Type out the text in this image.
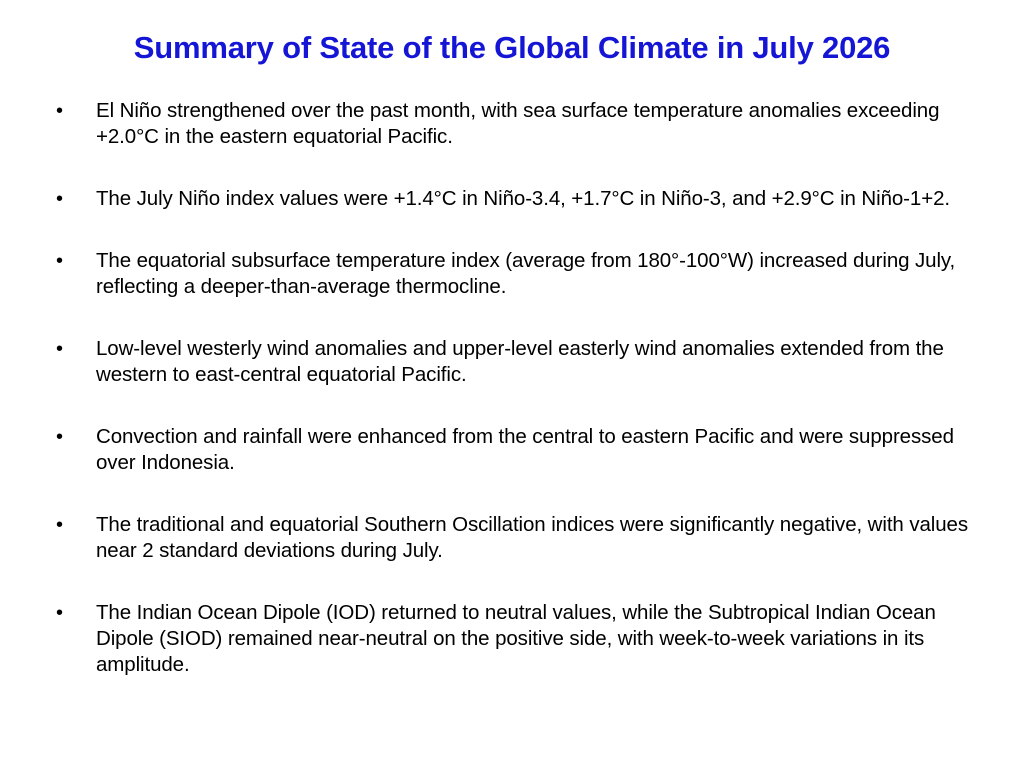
Summary of State of the Global Climate in July 2026
• El Niño strengthened over the past month, with sea surface temperature anomalies exceeding +2.0°C in the eastern equatorial Pacific.
• The July Niño index values were +1.4°C in Niño-3.4, +1.7°C in Niño-3, and +2.9°C in Niño-1+2.
• The equatorial subsurface temperature index (average from 180°-100°W) increased during July, reflecting a deeper-than-average thermocline.
• Low-level westerly wind anomalies and upper-level easterly wind anomalies extended from the western to east-central equatorial Pacific.
• Convection and rainfall were enhanced from the central to eastern Pacific and were suppressed over Indonesia.
• The traditional and equatorial Southern Oscillation indices were significantly negative, with values near 2 standard deviations during July.
• The Indian Ocean Dipole (IOD) returned to neutral values, while the Subtropical Indian Ocean Dipole (SIOD) remained near-neutral on the positive side, with week-to-week variations in its amplitude.
